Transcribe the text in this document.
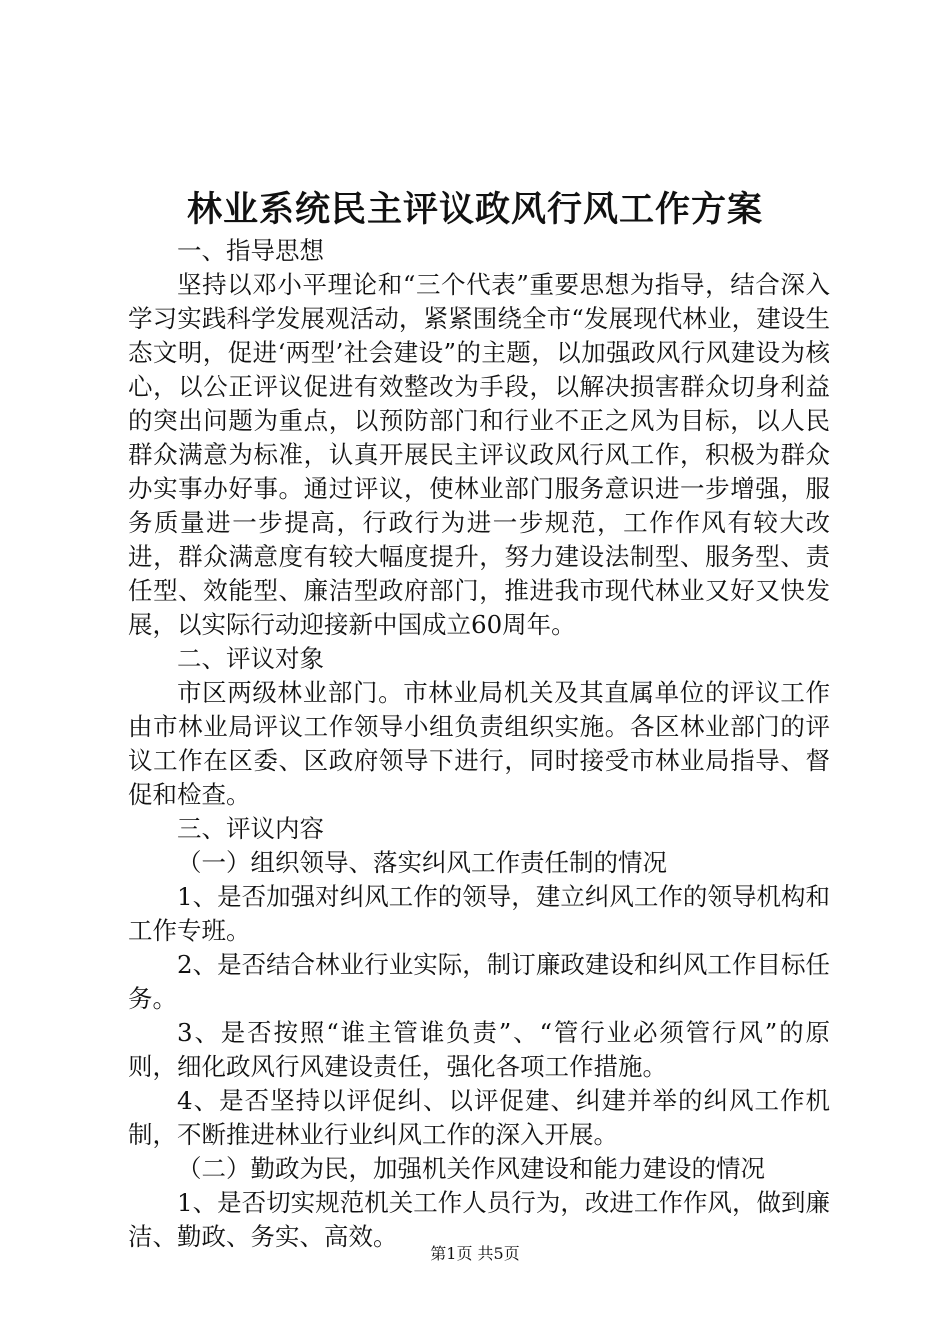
林业系统民主评议政风行风工作方案

一、指导思想

坚持以邓小平理论和“三个代表”重要思想为指导，结合深入学习实践科学发展观活动，紧紧围绕全市“发展现代林业，建设生态文明，促进‘两型’社会建设”的主题，以加强政风行风建设为核心，以公正评议促进有效整改为手段，以解决损害群众切身利益的突出问题为重点，以预防部门和行业不正之风为目标，以人民群众满意为标准，认真开展民主评议政风行风工作，积极为群众办实事办好事。通过评议，使林业部门服务意识进一步增强，服务质量进一步提高，行政行为进一步规范，工作作风有较大改进，群众满意度有较大幅度提升，努力建设法制型、服务型、责任型、效能型、廉洁型政府部门，推进我市现代林业又好又快发展，以实际行动迎接新中国成立60周年。

二、评议对象

市区两级林业部门。市林业局机关及其直属单位的评议工作由市林业局评议工作领导小组负责组织实施。各区林业部门的评议工作在区委、区政府领导下进行，同时接受市林业局指导、督促和检查。

三、评议内容

（一）组织领导、落实纠风工作责任制的情况

1、是否加强对纠风工作的领导，建立纠风工作的领导机构和工作专班。

2、是否结合林业行业实际，制订廉政建设和纠风工作目标任务。

3、是否按照“谁主管谁负责”、“管行业必须管行风”的原则，细化政风行风建设责任，强化各项工作措施。

4、是否坚持以评促纠、以评促建、纠建并举的纠风工作机制，不断推进林业行业纠风工作的深入开展。

（二）勤政为民，加强机关作风建设和能力建设的情况

1、是否切实规范机关工作人员行为，改进工作作风，做到廉洁、勤政、务实、高效。

第1页 共5页
